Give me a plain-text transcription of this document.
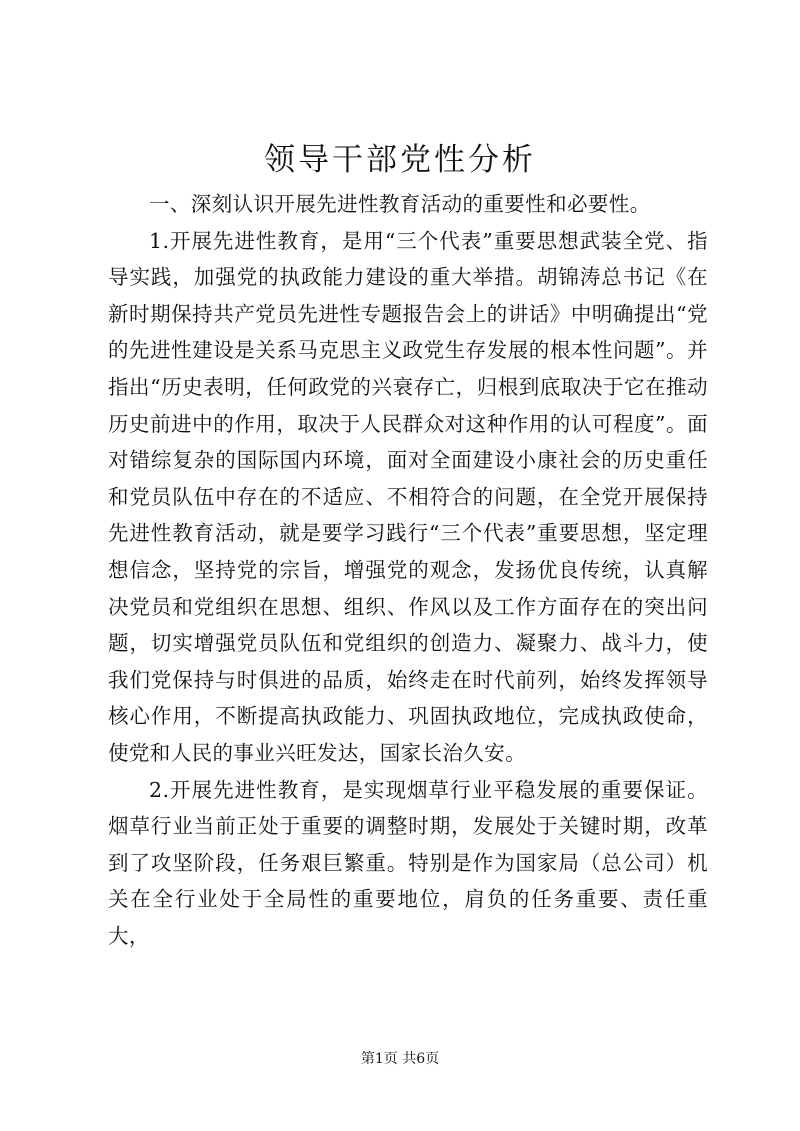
领导干部党性分析

一、深刻认识开展先进性教育活动的重要性和必要性。

1.开展先进性教育，是用“三个代表”重要思想武装全党、指导实践，加强党的执政能力建设的重大举措。胡锦涛总书记《在新时期保持共产党员先进性专题报告会上的讲话》中明确提出“党的先进性建设是关系马克思主义政党生存发展的根本性问题”。并指出“历史表明，任何政党的兴衰存亡，归根到底取决于它在推动历史前进中的作用，取决于人民群众对这种作用的认可程度”。面对错综复杂的国际国内环境，面对全面建设小康社会的历史重任和党员队伍中存在的不适应、不相符合的问题，在全党开展保持先进性教育活动，就是要学习践行“三个代表”重要思想，坚定理想信念，坚持党的宗旨，增强党的观念，发扬优良传统，认真解决党员和党组织在思想、组织、作风以及工作方面存在的突出问题，切实增强党员队伍和党组织的创造力、凝聚力、战斗力，使我们党保持与时俱进的品质，始终走在时代前列，始终发挥领导核心作用，不断提高执政能力、巩固执政地位，完成执政使命，使党和人民的事业兴旺发达，国家长治久安。

2.开展先进性教育，是实现烟草行业平稳发展的重要保证。烟草行业当前正处于重要的调整时期，发展处于关键时期，改革到了攻坚阶段，任务艰巨繁重。特别是作为国家局（总公司）机关在全行业处于全局性的重要地位，肩负的任务重要、责任重大，

第1页 共6页
